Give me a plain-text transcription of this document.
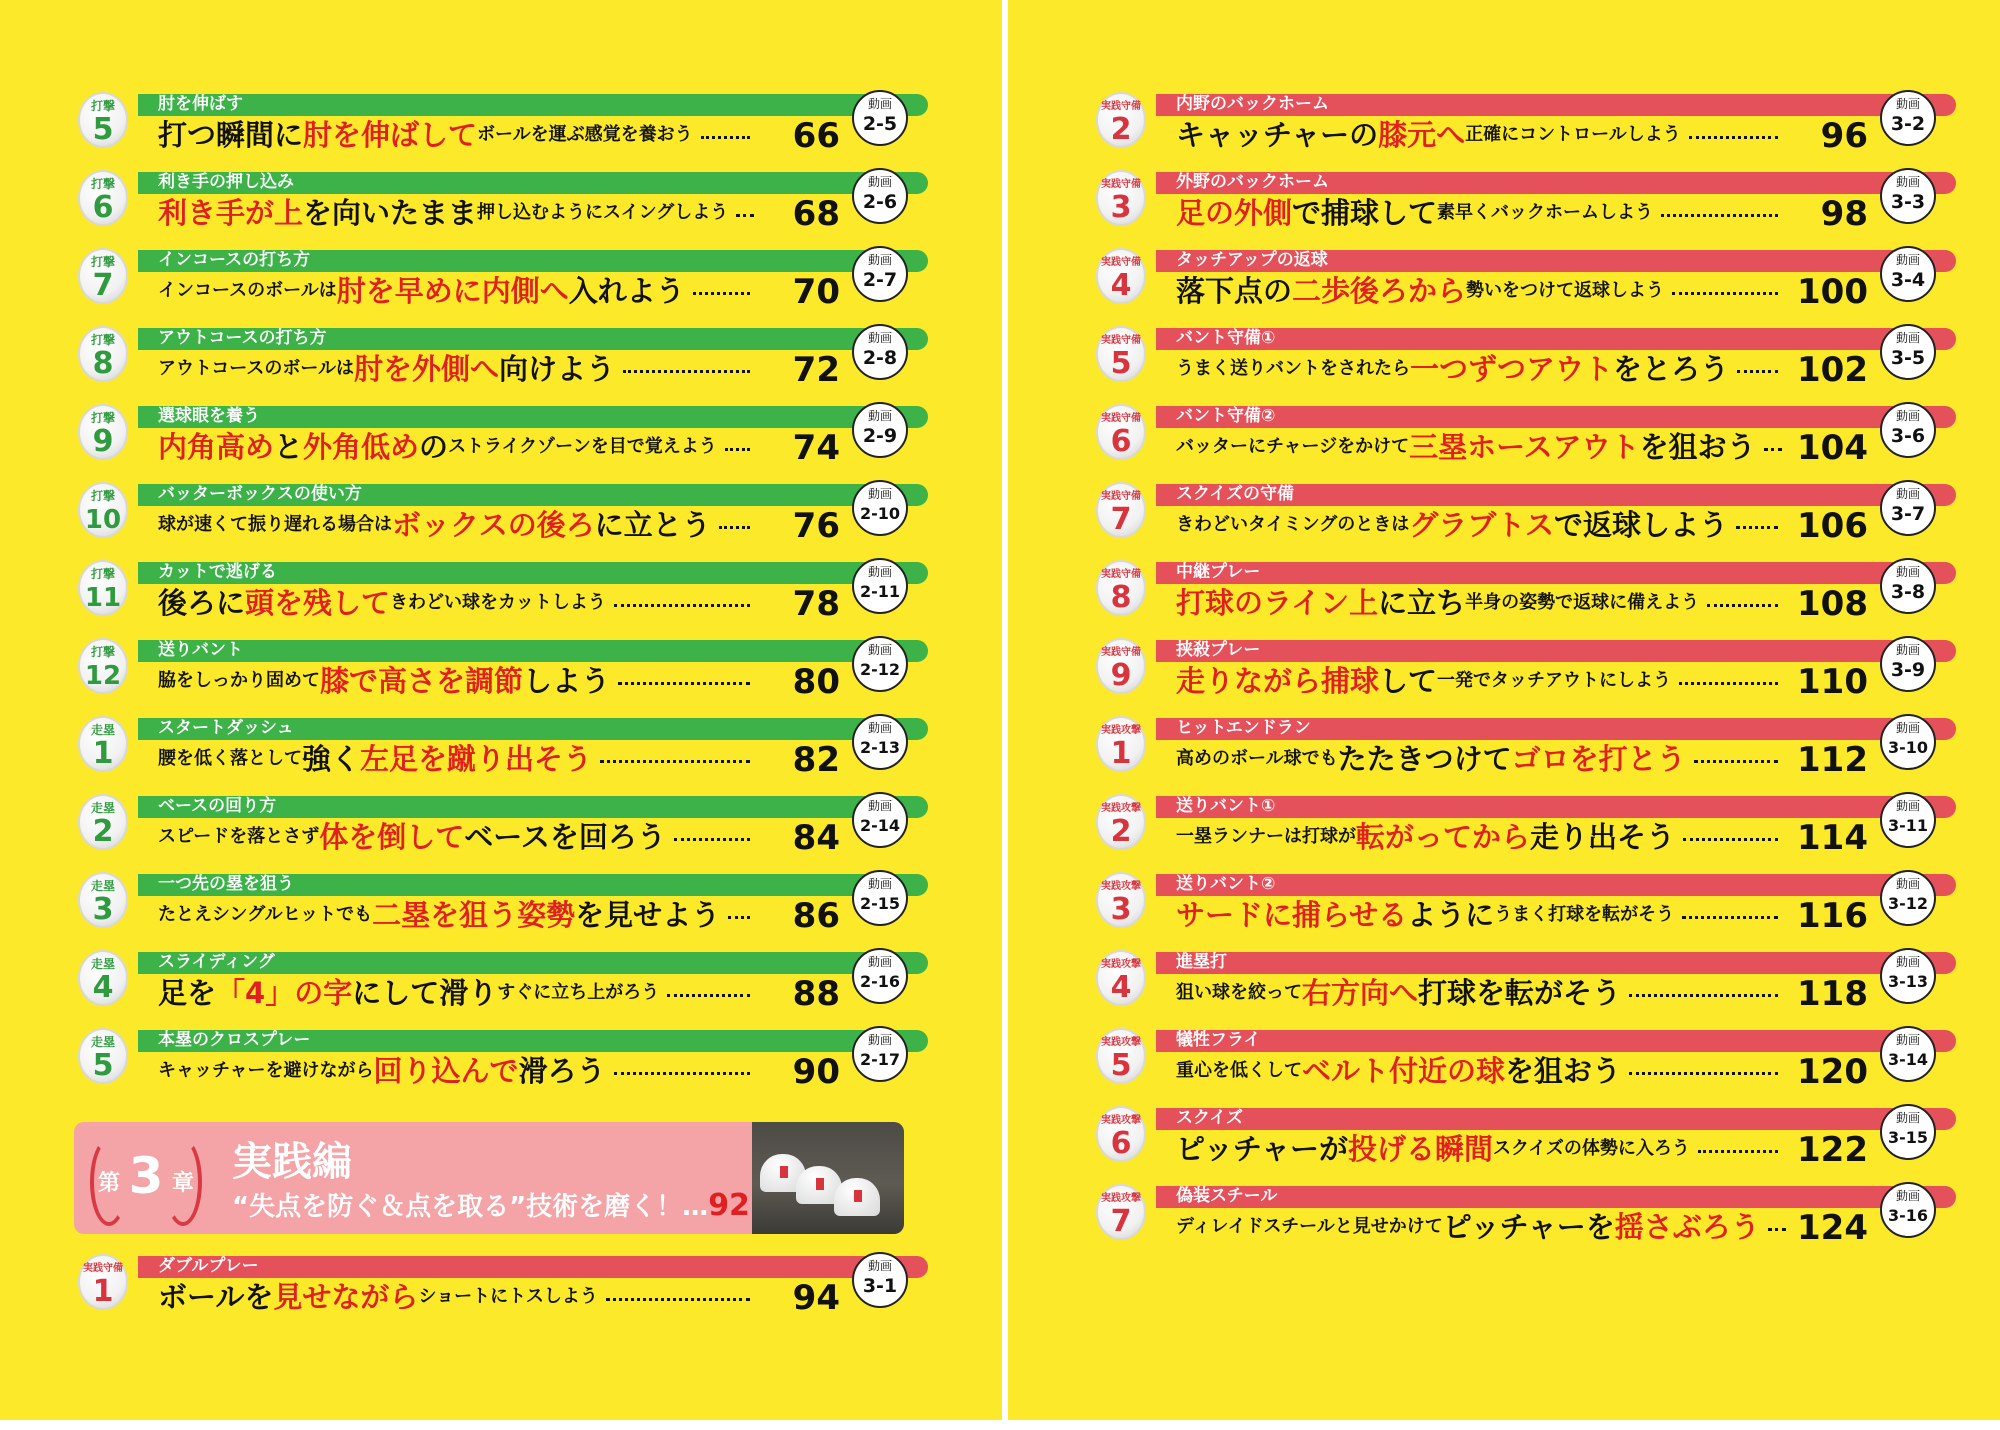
肘を伸ばす
打撃
5	打つ瞬間に 肘を伸ばして ボールを運ぶ感覚を養おう	66
動画
2-5
利き手の押し込み
打撃
6	利き手が上 を向いたまま 押し込むようにスイングしよう	68
動画
2-6
インコースの打ち方
打撃
7	インコースのボールは 肘を早めに内側へ 入れよう	70
動画
2-7
アウトコースの打ち方
打撃
8	アウトコースのボールは 肘を外側へ 向けよう	72
動画
2-8
選球眼を養う
打撃
9	内角高め と 外角低め の ストライクゾーンを目で覚えよう	74
動画
2-9
バッターボックスの使い方
打撃
10 球が速くて振り遅れる場合は ボックスの後ろ に立とう	76
動画
2-10
カットで逃げる
打撃
11 後ろに 頭を残して きわどい球をカットしよう	78
動画
2-11
送りバント
打撃
12 脇をしっかり固めて 膝で高さを調節 しよう	80
動画
2-12
スタートダッシュ
走塁
1	腰を低く落として 強く 左足を蹴り出そう	82
動画
2-13
ベースの回り方
走塁
2	スピードを落とさず 体を倒して ベースを回ろう	84
動画
2-14
一つ先の塁を狙う
走塁
3	たとえシングルヒットでも 二塁を狙う姿勢 を見せよう	86
動画
2-15
スライディング
走塁
4	足を 「4」の字 にして滑り すぐに立ち上がろう	88
動画
2-16
本塁のクロスプレー
走塁
5	キャッチャーを避けながら 回り込んで 滑ろう	90
動画
2-17
第 3 章 実践編
“失点を防ぐ＆点を取る”技術を磨く！…92
ダブルプレー
実践守備
1	ボールを 見せながら ショートにトスしよう	94
動画
3-1
内野のバックホーム
実践守備
2	キャッチャーの 膝元へ 正確にコントロールしよう	96
動画
3-2
外野のバックホーム
実践守備
3	足の外側 で捕球して 素早くバックホームしよう	98
動画
3-3
タッチアップの返球
実践守備
4	落下点の 二歩後ろから 勢いをつけて返球しよう	100
動画
3-4
バント守備①
実践守備
5	うまく送りバントをされたら 一つずつアウト をとろう 102
動画
3-5
バント守備②
実践守備
6	バッターにチャージをかけて 三塁ホースアウト を狙おう 104
動画
3-6
スクイズの守備
実践守備
7	きわどいタイミングのときは グラブトス で返球しよう 106
動画
3-7
中継プレー
実践守備
8	打球のライン上 に立ち 半身の姿勢で返球に備えよう	108
動画
3-8
挟殺プレー
実践守備
9	走りながら捕球 して 一発でタッチアウトにしよう	110
動画
3-9
ヒットエンドラン
実践攻撃
1	高めのボール球でも たたきつけて ゴロを打とう	112
動画
3-10
送りバント①
実践攻撃
2	一塁ランナーは打球が 転がってから 走り出そう	114
動画
3-11
送りバント②
実践攻撃
3	サードに捕らせる ように うまく打球を転がそう	116
動画
3-12
進塁打
実践攻撃
4	狙い球を絞って 右方向へ 打球を転がそう	118
動画
3-13
犠牲フライ
実践攻撃
5	重心を低くして ベルト付近の球 を狙おう	120
動画
3-14
スクイズ
実践攻撃
6	ピッチャーが 投げる瞬間 スクイズの体勢に入ろう	122
動画
3-15
偽装スチール
実践攻撃
7	ディレイドスチールと見せかけて ピッチャーを 揺さぶろう 124
動画
3-16
